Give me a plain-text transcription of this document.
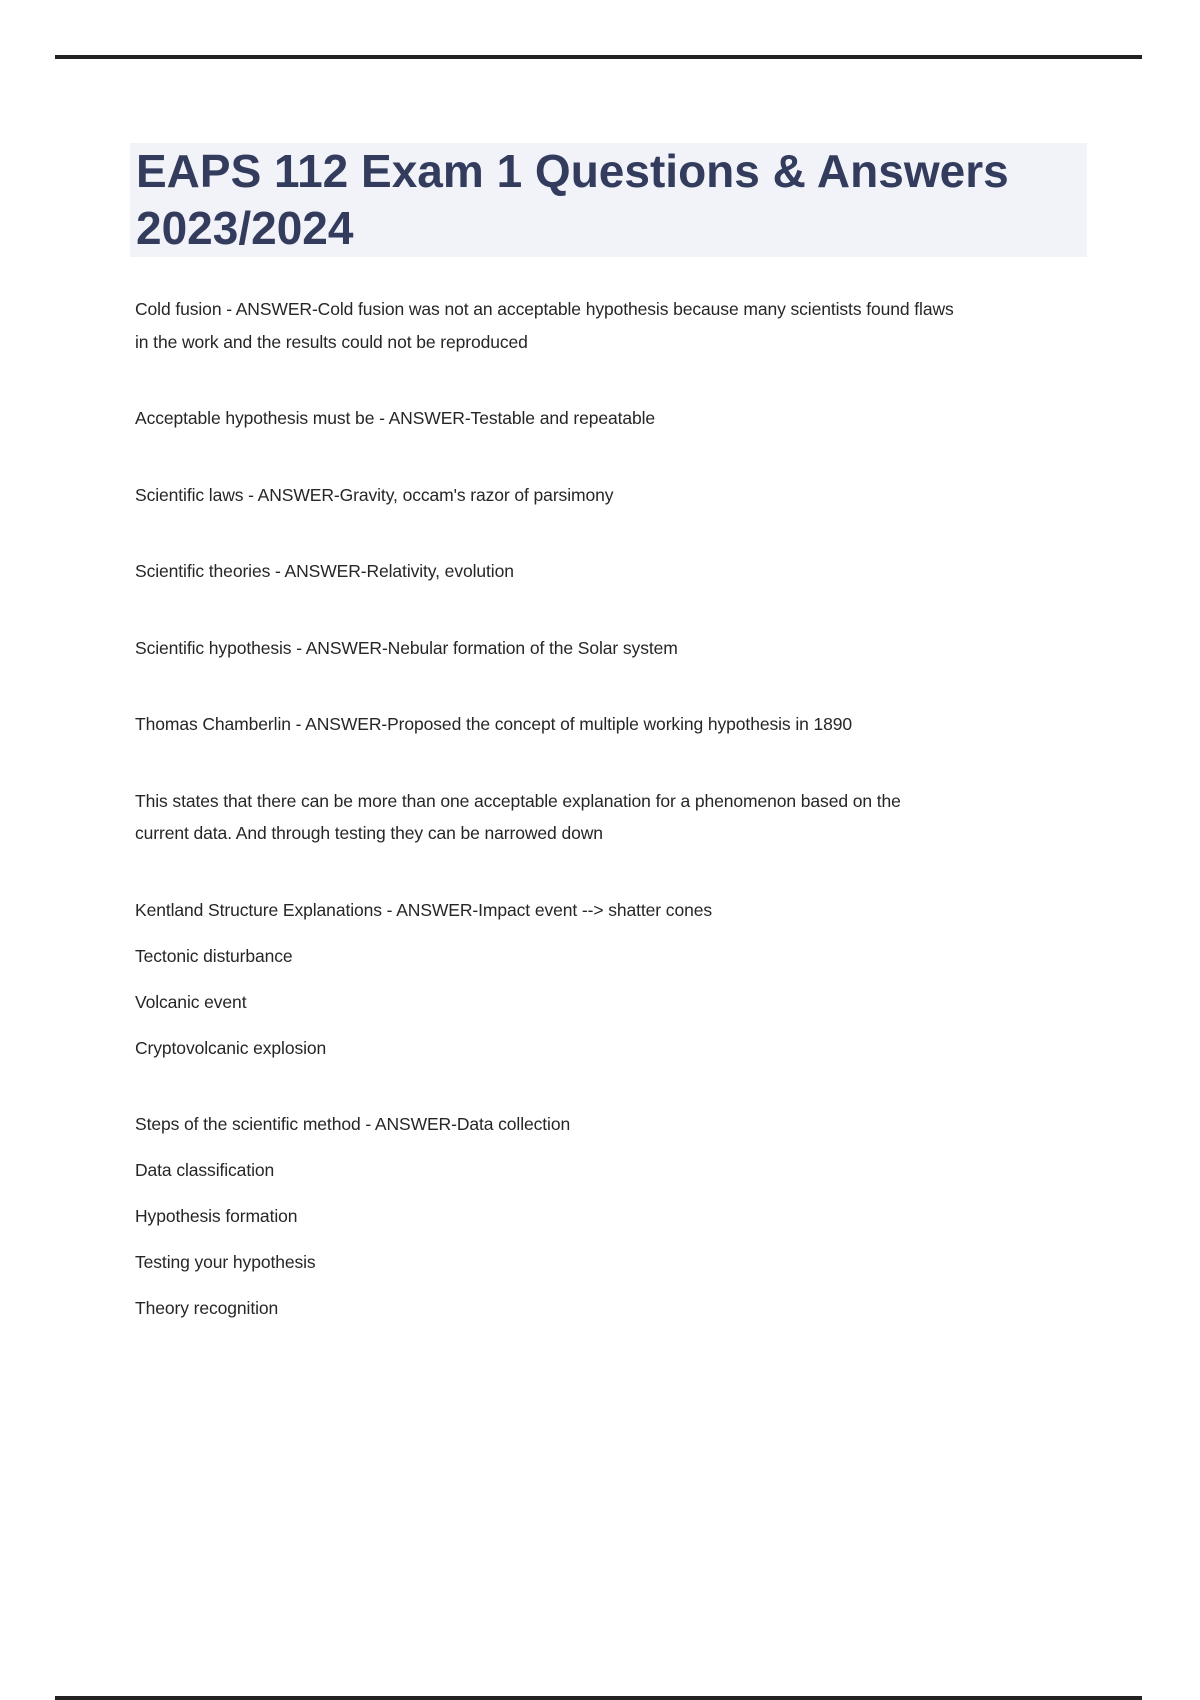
EAPS 112 Exam 1 Questions & Answers
2023/2024
Cold fusion - ANSWER-Cold fusion was not an acceptable hypothesis because many scientists found flaws
in the work and the results could not be reproduced
Acceptable hypothesis must be - ANSWER-Testable and repeatable
Scientific laws - ANSWER-Gravity, occam's razor of parsimony
Scientific theories - ANSWER-Relativity, evolution
Scientific hypothesis - ANSWER-Nebular formation of the Solar system
Thomas Chamberlin - ANSWER-Proposed the concept of multiple working hypothesis in 1890
This states that there can be more than one acceptable explanation for a phenomenon based on the
current data. And through testing they can be narrowed down
Kentland Structure Explanations - ANSWER-Impact event --> shatter cones
Tectonic disturbance
Volcanic event
Cryptovolcanic explosion
Steps of the scientific method - ANSWER-Data collection
Data classification
Hypothesis formation
Testing your hypothesis
Theory recognition
